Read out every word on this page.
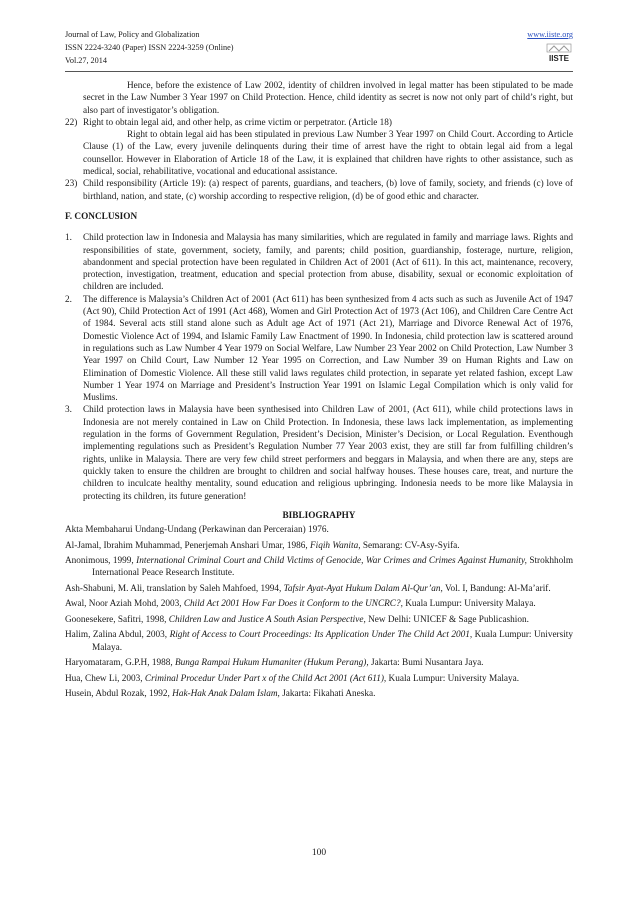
Journal of Law, Policy and Globalization
ISSN 2224-3240 (Paper) ISSN 2224-3259 (Online)
Vol.27, 2014
www.iiste.org
IISTE

Hence, before the existence of Law 2002, identity of children involved in legal matter has been stipulated to be made secret in the Law Number 3 Year 1997 on Child Protection. Hence, child identity as secret is now not only part of child’s right, but also part of investigator’s obligation.

22) Right to obtain legal aid, and other help, as crime victim or perpetrator. (Article 18)

Right to obtain legal aid has been stipulated in previous Law Number 3 Year 1997 on Child Court. According to Article Clause (1) of the Law, every juvenile delinquents during their time of arrest have the right to obtain legal aid from a legal counsellor. However in Elaboration of Article 18 of the Law, it is explained that children have rights to other assistance, such as medical, social, rehabilitative, vocational and educational assistance.

23) Child responsibility (Article 19): (a) respect of parents, guardians, and teachers, (b) love of family, society, and friends (c) love of birthland, nation, and state, (c) worship according to respective religion, (d) be of good ethic and character.
F. CONCLUSION
1.	Child protection law in Indonesia and Malaysia has many similarities, which are regulated in family and marriage laws. Rights and responsibilities of state, government, society, family, and parents; child position, guardianship, fosterage, nurture, religion, abandonment and special protection have been regulated in Children Act of 2001 (Act of 611). In this act, maintenance, recovery, protection, investigation, treatment, education and special protection from abuse, disability, sexual or economic exploitation of children are included.
2.	The difference is Malaysia’s Children Act of 2001 (Act 611) has been synthesized from 4 acts such as such as Juvenile Act of 1947 (Act 90), Child Protection Act of 1991 (Act 468), Women and Girl Protection Act of 1973 (Act 106), and Children Care Centre Act of 1984. Several acts still stand alone such as Adult age Act of 1971 (Act 21), Marriage and Divorce Renewal Act of 1976, Domestic Violence Act of 1994, and Islamic Family Law Enactment of 1990. In Indonesia, child protection law is scattered around in regulations such as Law Number 4 Year 1979 on Social Welfare, Law Number 23 Year 2002 on Child Protection, Law Number 3 Year 1997 on Child Court, Law Number 12 Year 1995 on Correction, and Law Number 39 on Human Rights and Law on Elimination of Domestic Violence. All these still valid laws regulates child protection, in separate yet related fashion, except Law Number 1 Year 1974 on Marriage and President’s Instruction Year 1991 on Islamic Legal Compilation which is only valid for Muslims.
3.	Child protection laws in Malaysia have been synthesised into Children Law of 2001, (Act 611), while child protections laws in Indonesia are not merely contained in Law on Child Protection. In Indonesia, these laws lack implementation, as implementing regulation in the forms of Government Regulation, President’s Decision, Minister’s Decision, or Local Regulation. Eventhough implementing regulations such as President’s Regulation Number 77 Year 2003 exist, they are still far from fulfilling children’s rights, unlike in Malaysia. There are very few child street performers and beggars in Malaysia, and when there are any, steps are quickly taken to ensure the children are brought to children and social halfway houses. These houses care, treat, and nurture the children to inculcate healthy mentality, sound education and religious upbringing. Indonesia needs to be more like Malaysia in protecting its children, its future generation!
BIBLIOGRAPHY
Akta Membaharui Undang-Undang (Perkawinan dan Perceraian) 1976.
Al-Jamal, Ibrahim Muhammad, Penerjemah Anshari Umar, 1986, Fiqih Wanita, Semarang: CV-Asy-Syifa.
Anonimous, 1999, International Criminal Court and Child Victims of Genocide, War Crimes and Crimes Against Humanity, Strokhholm International Peace Research Institute.
Ash-Shabuni, M. Ali, translation by Saleh Mahfoed, 1994, Tafsir Ayat-Ayat Hukum Dalam Al-Qur’an, Vol. I, Bandung: Al-Ma’arif.
Awal, Noor Aziah Mohd, 2003, Child Act 2001 How Far Does it Conform to the UNCRC?, Kuala Lumpur: University Malaya.
Goonesekere, Safitri, 1998, Children Law and Justice A South Asian Perspective, New Delhi: UNICEF & Sage Publicashion.
Halim, Zalina Abdul, 2003, Right of Access to Court Proceedings: Its Application Under The Child Act 2001, Kuala Lumpur: University Malaya.
Haryomataram, G.P.H, 1988, Bunga Rampai Hukum Humaniter (Hukum Perang), Jakarta: Bumi Nusantara Jaya.
Hua, Chew Li, 2003, Criminal Procedur Under Part x of the Child Act 2001 (Act 611), Kuala Lumpur: University Malaya.
Husein, Abdul Rozak, 1992, Hak-Hak Anak Dalam Islam, Jakarta: Fikahati Aneska.
100
